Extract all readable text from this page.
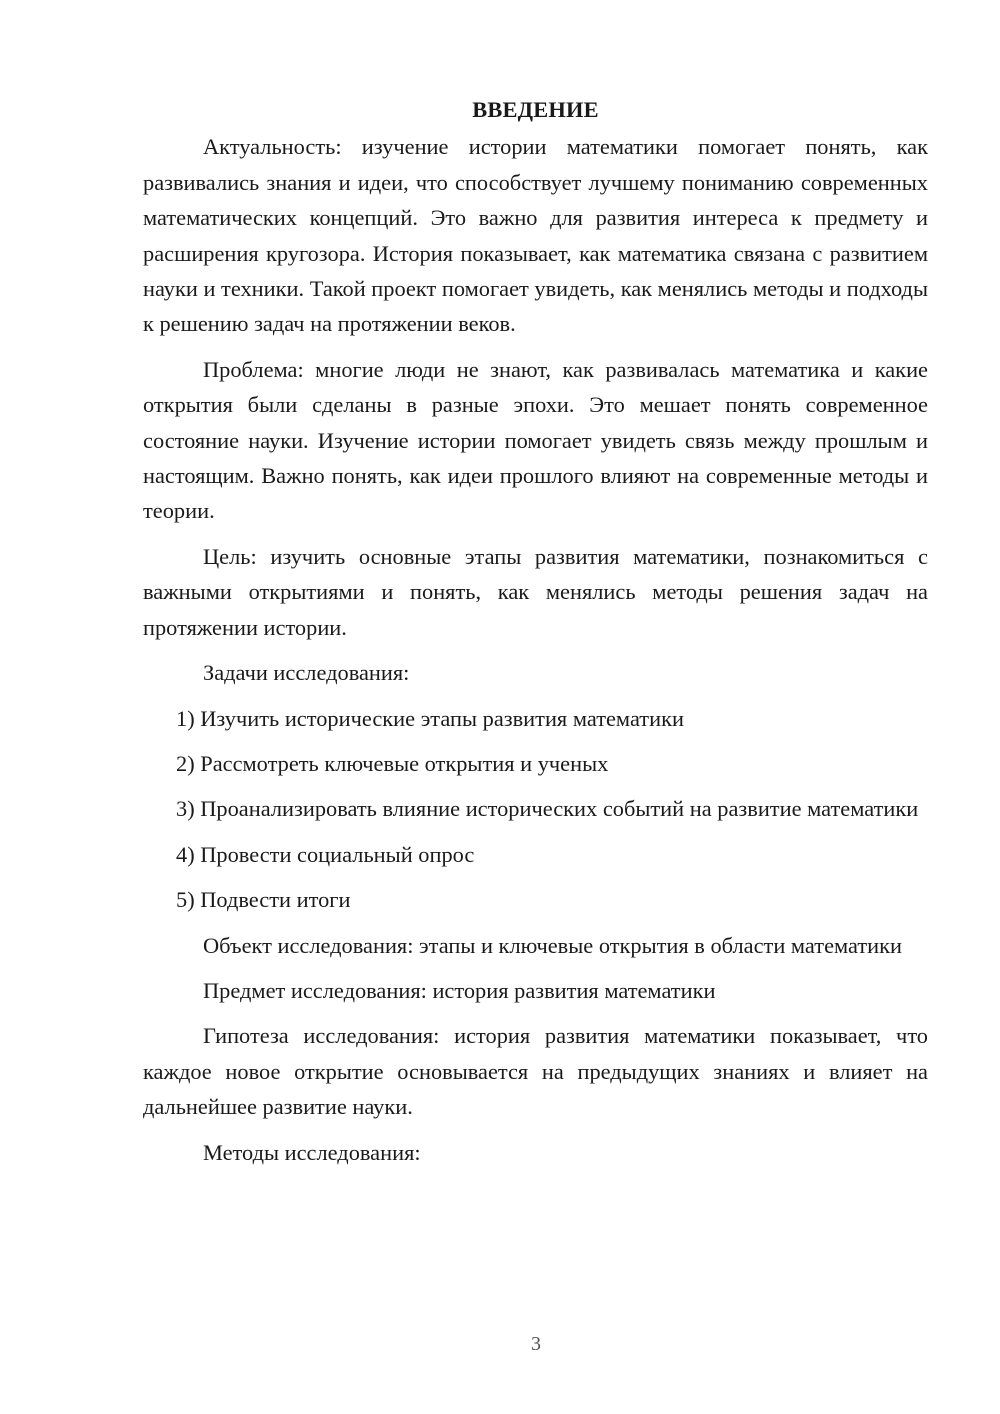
ВВЕДЕНИЕ
Актуальность: изучение истории математики помогает понять, как развивались знания и идеи, что способствует лучшему пониманию современных математических концепций. Это важно для развития интереса к предмету и расширения кругозора. История показывает, как математика связана с развитием науки и техники. Такой проект помогает увидеть, как менялись методы и подходы к решению задач на протяжении веков.
Проблема: многие люди не знают, как развивалась математика и какие открытия были сделаны в разные эпохи. Это мешает понять современное состояние науки. Изучение истории помогает увидеть связь между прошлым и настоящим. Важно понять, как идеи прошлого влияют на современные методы и теории.
Цель: изучить основные этапы развития математики, познакомиться с важными открытиями и понять, как менялись методы решения задач на протяжении истории.
Задачи исследования:
1) Изучить исторические этапы развития математики
2) Рассмотреть ключевые открытия и ученых
3) Проанализировать влияние исторических событий на развитие математики
4) Провести социальный опрос
5) Подвести итоги
Объект исследования: этапы и ключевые открытия в области математики
Предмет исследования: история развития математики
Гипотеза исследования: история развития математики показывает, что каждое новое открытие основывается на предыдущих знаниях и влияет на дальнейшее развитие науки.
Методы исследования:
3
